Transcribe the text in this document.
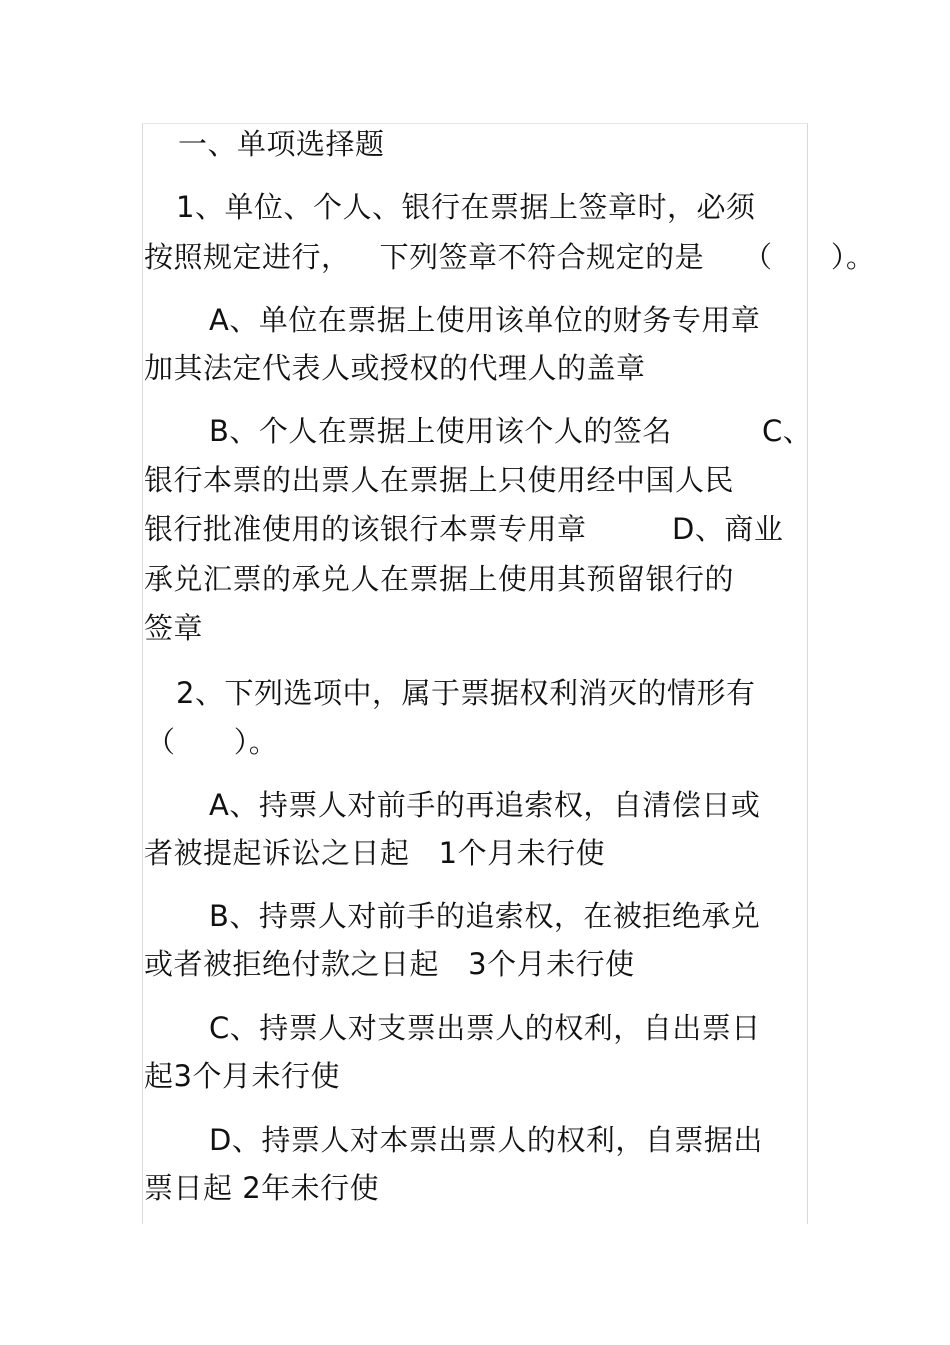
一、单项选择题
1、单位、个人、银行在票据上签章时，必须
按照规定进行，   下列签章不符合规定的是    （      ）。
A、单位在票据上使用该单位的财务专用章
加其法定代表人或授权的代理人的盖章
B、个人在票据上使用该个人的签名	C、
银行本票的出票人在票据上只使用经中国人民
银行批准使用的该银行本票专用章	D、商业
承兑汇票的承兑人在票据上使用其预留银行的
签章
2、下列选项中，属于票据权利消灭的情形有
（      ）。
A、持票人对前手的再追索权，自清偿日或
者被提起诉讼之日起   1个月未行使
B、持票人对前手的追索权，在被拒绝承兑
或者被拒绝付款之日起   3个月未行使
C、持票人对支票出票人的权利，自出票日
起3个月未行使
D、持票人对本票出票人的权利，自票据出
票日起 2年未行使
